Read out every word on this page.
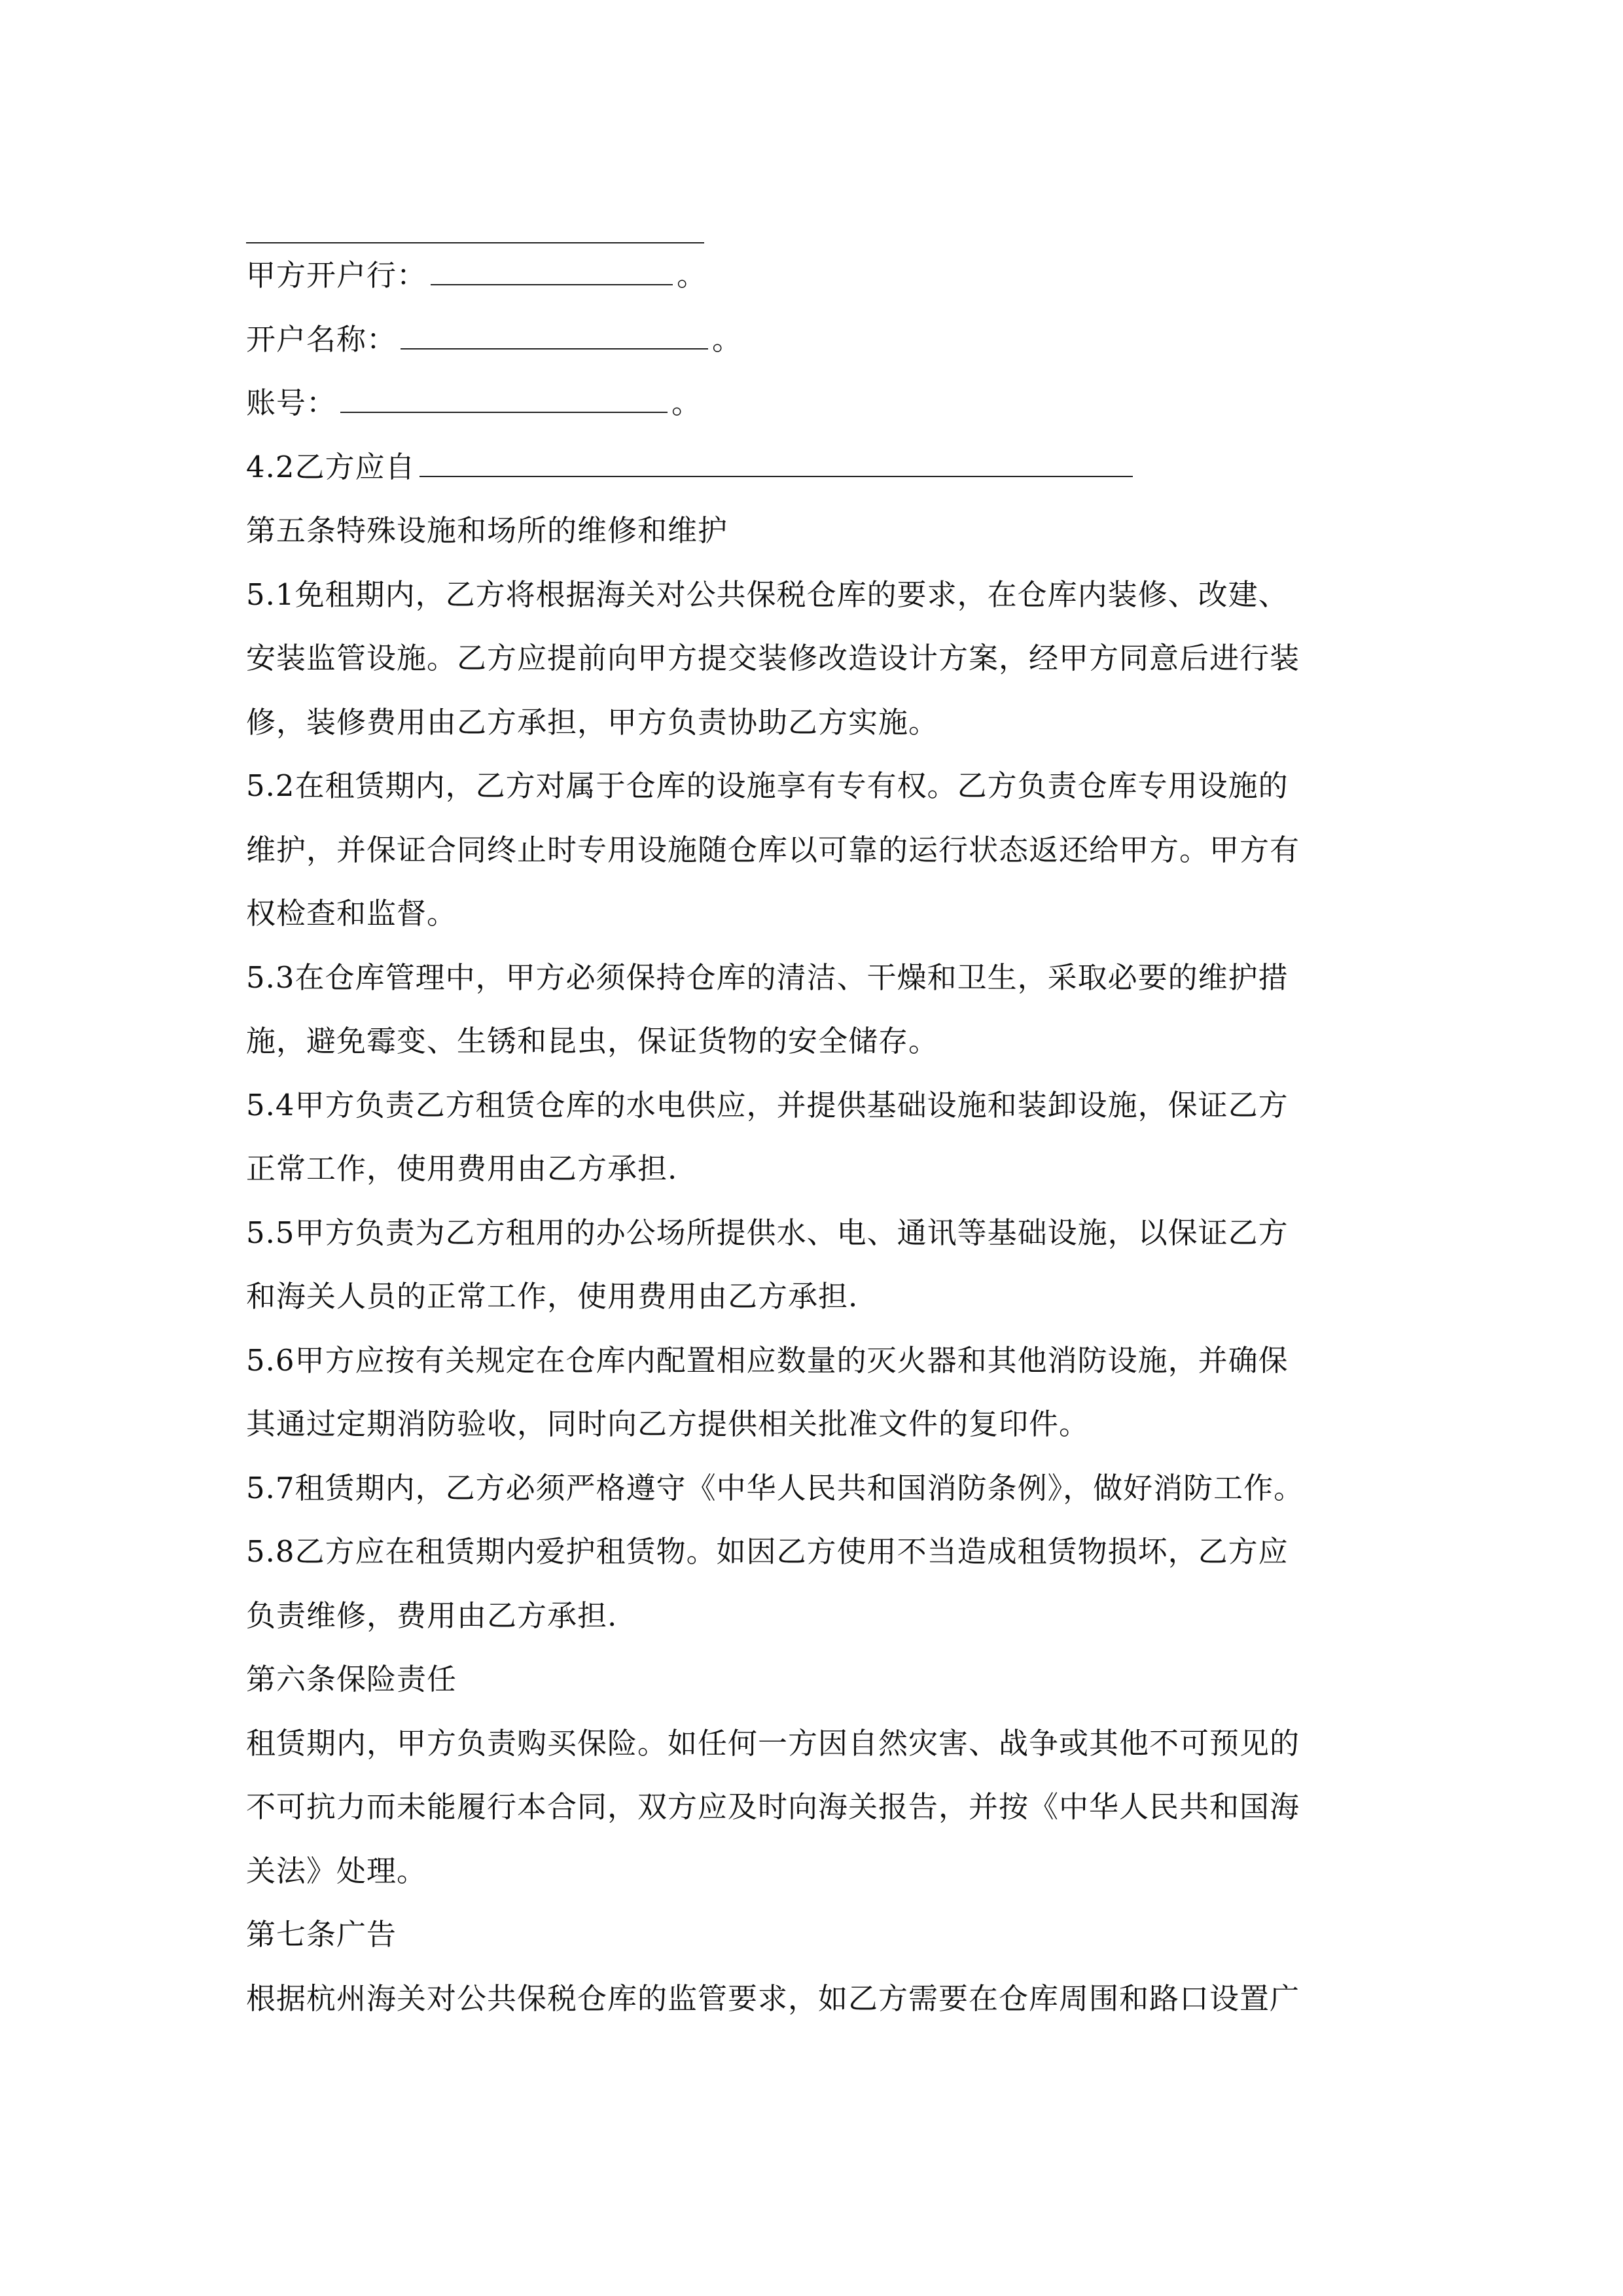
甲方开户行：	。
开户名称：	。
账号：	。
4.2乙方应自
第五条特殊设施和场所的维修和维护
5.1免租期内，乙方将根据海关对公共保税仓库的要求，在仓库内装修、改建、
安装监管设施。乙方应提前向甲方提交装修改造设计方案，经甲方同意后进行装
修，装修费用由乙方承担，甲方负责协助乙方实施。
5.2在租赁期内，乙方对属于仓库的设施享有专有权。乙方负责仓库专用设施的
维护，并保证合同终止时专用设施随仓库以可靠的运行状态返还给甲方。甲方有
权检查和监督。
5.3在仓库管理中，甲方必须保持仓库的清洁、干燥和卫生，采取必要的维护措
施，避免霉变、生锈和昆虫，保证货物的安全储存。
5.4甲方负责乙方租赁仓库的水电供应，并提供基础设施和装卸设施，保证乙方
正常工作，使用费用由乙方承担.
5.5甲方负责为乙方租用的办公场所提供水、电、通讯等基础设施，以保证乙方
和海关人员的正常工作，使用费用由乙方承担.
5.6甲方应按有关规定在仓库内配置相应数量的灭火器和其他消防设施，并确保
其通过定期消防验收，同时向乙方提供相关批准文件的复印件。
5.7租赁期内，乙方必须严格遵守《中华人民共和国消防条例》，做好消防工作。
5.8乙方应在租赁期内爱护租赁物。如因乙方使用不当造成租赁物损坏，乙方应
负责维修，费用由乙方承担.
第六条保险责任
租赁期内，甲方负责购买保险。如任何一方因自然灾害、战争或其他不可预见的
不可抗力而未能履行本合同，双方应及时向海关报告，并按《中华人民共和国海
关法》处理。
第七条广告
根据杭州海关对公共保税仓库的监管要求，如乙方需要在仓库周围和路口设置广
